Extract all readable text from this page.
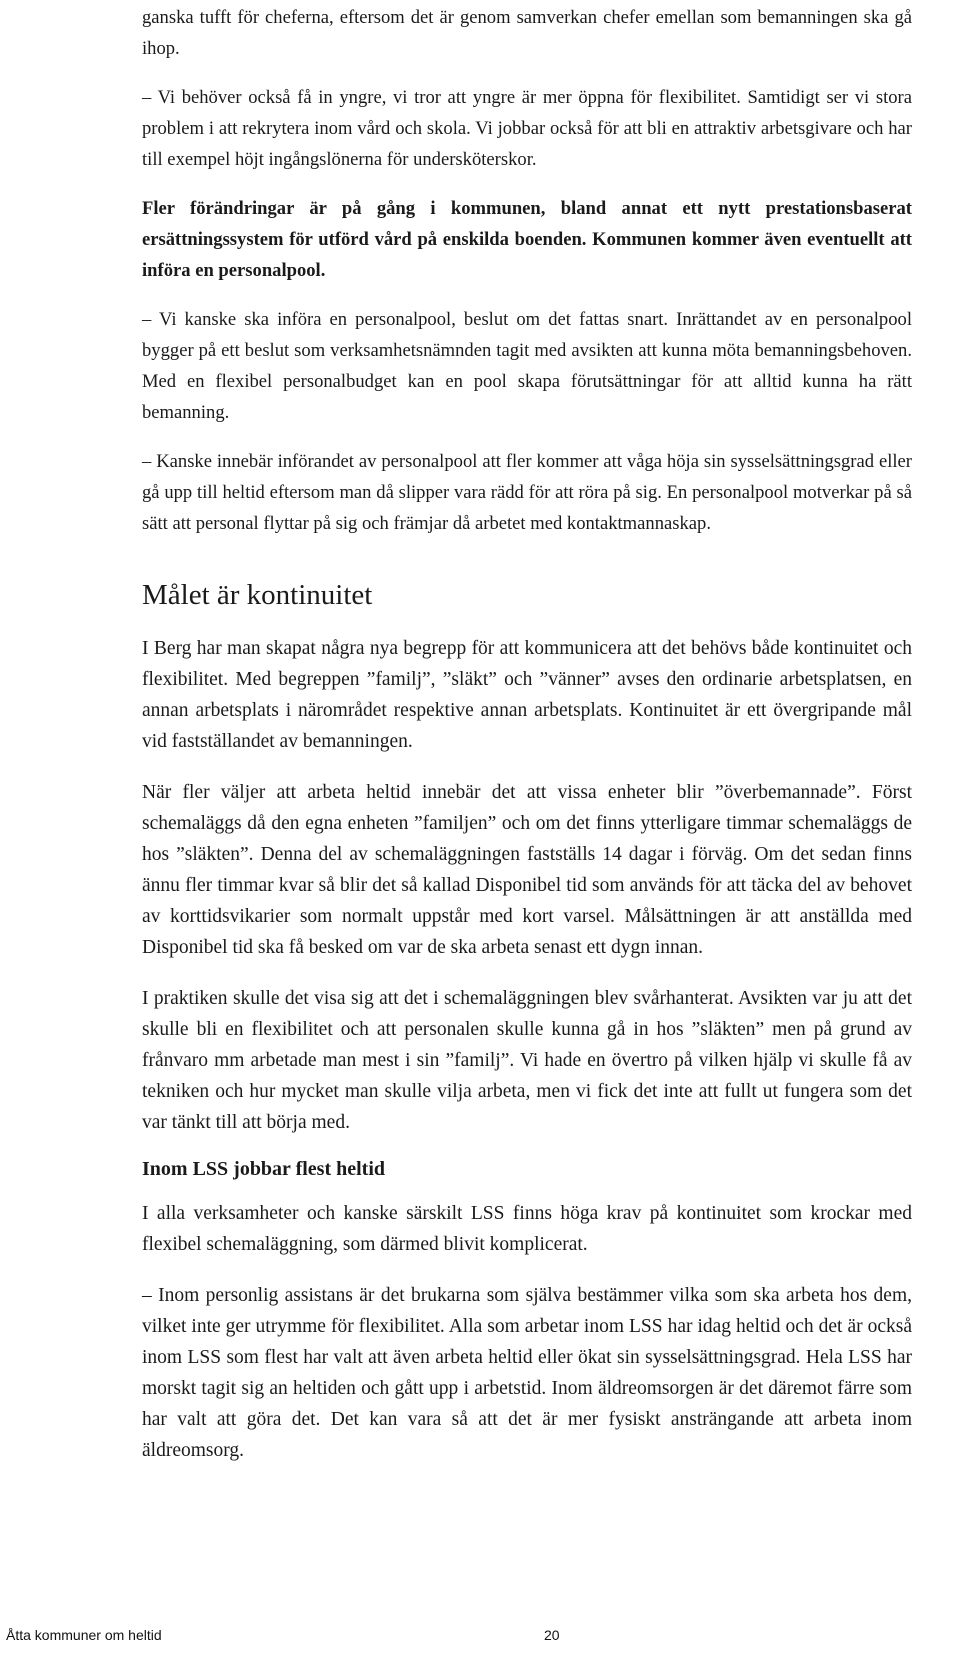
ganska tufft för cheferna, eftersom det är genom samverkan chefer emellan som bemanningen ska gå ihop.

– Vi behöver också få in yngre, vi tror att yngre är mer öppna för flexibilitet. Samtidigt ser vi stora problem i att rekrytera inom vård och skola. Vi jobbar också för att bli en attraktiv arbetsgivare och har till exempel höjt ingångslönerna för undersköterskor.

Fler förändringar är på gång i kommunen, bland annat ett nytt prestationsbaserat ersättningssystem för utförd vård på enskilda boenden. Kommunen kommer även eventuellt att införa en personalpool.

– Vi kanske ska införa en personalpool, beslut om det fattas snart. Inrättandet av en personalpool bygger på ett beslut som verksamhetsnämnden tagit med avsikten att kunna möta bemanningsbehoven. Med en flexibel personalbudget kan en pool skapa förutsättningar för att alltid kunna ha rätt bemanning.

– Kanske innebär införandet av personalpool att fler kommer att våga höja sin sysselsättningsgrad eller gå upp till heltid eftersom man då slipper vara rädd för att röra på sig. En personalpool motverkar på så sätt att personal flyttar på sig och främjar då arbetet med kontaktmannaskap.

Målet är kontinuitet

I Berg har man skapat några nya begrepp för att kommunicera att det behövs både kontinuitet och flexibilitet. Med begreppen ”familj”, ”släkt” och ”vänner” avses den ordinarie arbetsplatsen, en annan arbetsplats i närområdet respektive annan arbetsplats. Kontinuitet är ett övergripande mål vid fastställandet av bemanningen.

När fler väljer att arbeta heltid innebär det att vissa enheter blir ”överbemannade”. Först schemaläggs då den egna enheten ”familjen” och om det finns ytterligare timmar schemaläggs de hos ”släkten”. Denna del av schemaläggningen fastställs 14 dagar i förväg. Om det sedan finns ännu fler timmar kvar så blir det så kallad Disponibel tid som används för att täcka del av behovet av korttidsvikarier som normalt uppstår med kort varsel. Målsättningen är att anställda med Disponibel tid ska få besked om var de ska arbeta senast ett dygn innan.

I praktiken skulle det visa sig att det i schemaläggningen blev svårhanterat. Avsikten var ju att det skulle bli en flexibilitet och att personalen skulle kunna gå in hos ”släkten” men på grund av frånvaro mm arbetade man mest i sin ”familj”. Vi hade en övertro på vilken hjälp vi skulle få av tekniken och hur mycket man skulle vilja arbeta, men vi fick det inte att fullt ut fungera som det var tänkt till att börja med.

Inom LSS jobbar flest heltid

I alla verksamheter och kanske särskilt LSS finns höga krav på kontinuitet som krockar med flexibel schemaläggning, som därmed blivit komplicerat.

– Inom personlig assistans är det brukarna som själva bestämmer vilka som ska arbeta hos dem, vilket inte ger utrymme för flexibilitet. Alla som arbetar inom LSS har idag heltid och det är också inom LSS som flest har valt att även arbeta heltid eller ökat sin sysselsättningsgrad. Hela LSS har morskt tagit sig an heltiden och gått upp i arbetstid. Inom äldreomsorgen är det däremot färre som har valt att göra det. Det kan vara så att det är mer fysiskt ansträngande att arbeta inom äldreomsorg.

Åtta kommuner om heltid	20
